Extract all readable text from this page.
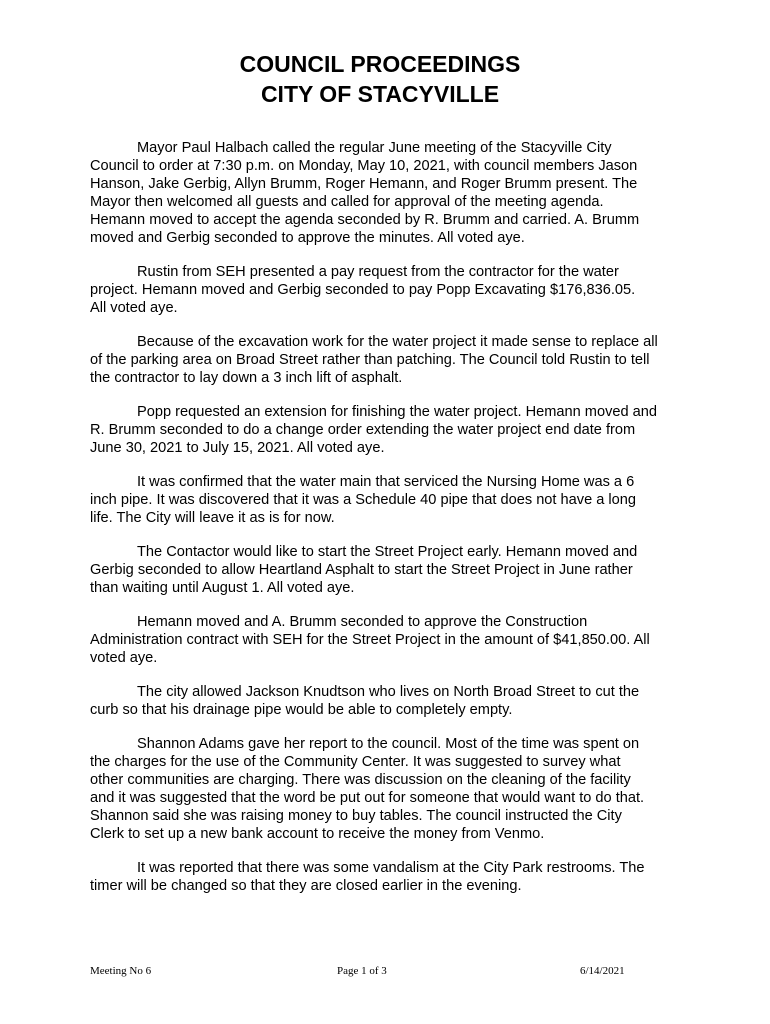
COUNCIL PROCEEDINGS
CITY OF STACYVILLE

Mayor Paul Halbach called the regular June meeting of the Stacyville City
Council to order at 7:30 p.m. on Monday, May 10, 2021, with council members Jason
Hanson, Jake Gerbig, Allyn Brumm, Roger Hemann, and Roger Brumm present. The
Mayor then welcomed all guests and called for approval of the meeting agenda.
Hemann moved to accept the agenda seconded by R. Brumm and carried. A. Brumm
moved and Gerbig seconded to approve the minutes. All voted aye.

Rustin from SEH presented a pay request from the contractor for the water
project. Hemann moved and Gerbig seconded to pay Popp Excavating $176,836.05.
All voted aye.

Because of the excavation work for the water project it made sense to replace all
of the parking area on Broad Street rather than patching. The Council told Rustin to tell
the contractor to lay down a 3 inch lift of asphalt.

Popp requested an extension for finishing the water project. Hemann moved and
R. Brumm seconded to do a change order extending the water project end date from
June 30, 2021 to July 15, 2021. All voted aye.

It was confirmed that the water main that serviced the Nursing Home was a 6
inch pipe. It was discovered that it was a Schedule 40 pipe that does not have a long
life. The City will leave it as is for now.

The Contactor would like to start the Street Project early. Hemann moved and
Gerbig seconded to allow Heartland Asphalt to start the Street Project in June rather
than waiting until August 1. All voted aye.

Hemann moved and A. Brumm seconded to approve the Construction
Administration contract with SEH for the Street Project in the amount of $41,850.00. All
voted aye.

The city allowed Jackson Knudtson who lives on North Broad Street to cut the
curb so that his drainage pipe would be able to completely empty.

Shannon Adams gave her report to the council. Most of the time was spent on
the charges for the use of the Community Center. It was suggested to survey what
other communities are charging. There was discussion on the cleaning of the facility
and it was suggested that the word be put out for someone that would want to do that.
Shannon said she was raising money to buy tables. The council instructed the City
Clerk to set up a new bank account to receive the money from Venmo.

It was reported that there was some vandalism at the City Park restrooms. The
timer will be changed so that they are closed earlier in the evening.

Meeting No 6	Page 1 of 3	6/14/2021
